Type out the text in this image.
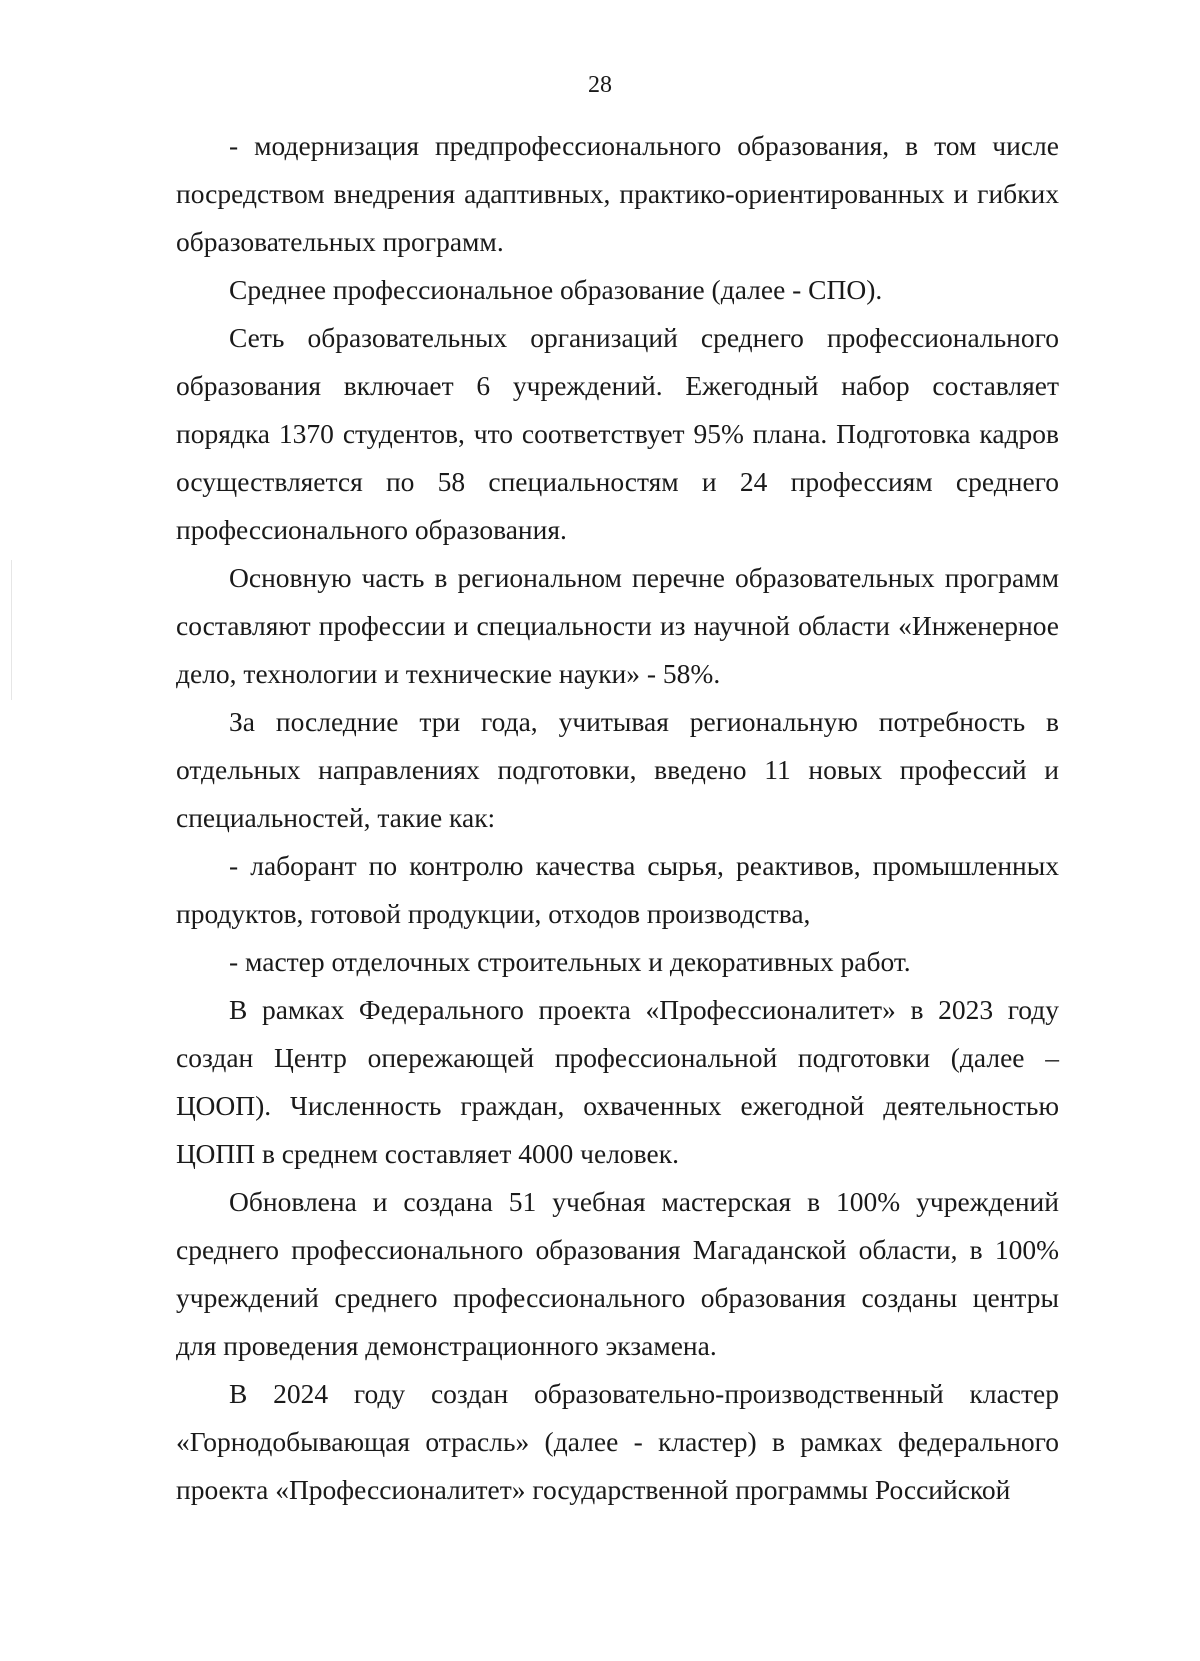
28

- модернизация предпрофессионального образования, в том числе посредством внедрения адаптивных, практико-ориентированных и гибких образовательных программ.

Среднее профессиональное образование (далее - СПО).

Сеть образовательных организаций среднего профессионального образования включает 6 учреждений. Ежегодный набор составляет порядка 1370 студентов, что соответствует 95% плана. Подготовка кадров осуществляется по 58 специальностям и 24 профессиям среднего профессионального образования.

Основную часть в региональном перечне образовательных программ составляют профессии и специальности из научной области «Инженерное дело, технологии и технические науки» - 58%.

За последние три года, учитывая региональную потребность в отдельных направлениях подготовки, введено 11 новых профессий и специальностей, такие как:

- лаборант по контролю качества сырья, реактивов, промышленных продуктов, готовой продукции, отходов производства,

- мастер отделочных строительных и декоративных работ.

В рамках Федерального проекта «Профессионалитет» в 2023 году создан Центр опережающей профессиональной подготовки (далее – ЦООП). Численность граждан, охваченных ежегодной деятельностью ЦОПП в среднем составляет 4000 человек.

Обновлена и создана 51 учебная мастерская в 100% учреждений среднего профессионального образования Магаданской области, в 100% учреждений среднего профессионального образования созданы центры для проведения демонстрационного экзамена.

В 2024 году создан образовательно-производственный кластер «Горнодобывающая отрасль» (далее - кластер) в рамках федерального проекта «Профессионалитет» государственной программы Российской
